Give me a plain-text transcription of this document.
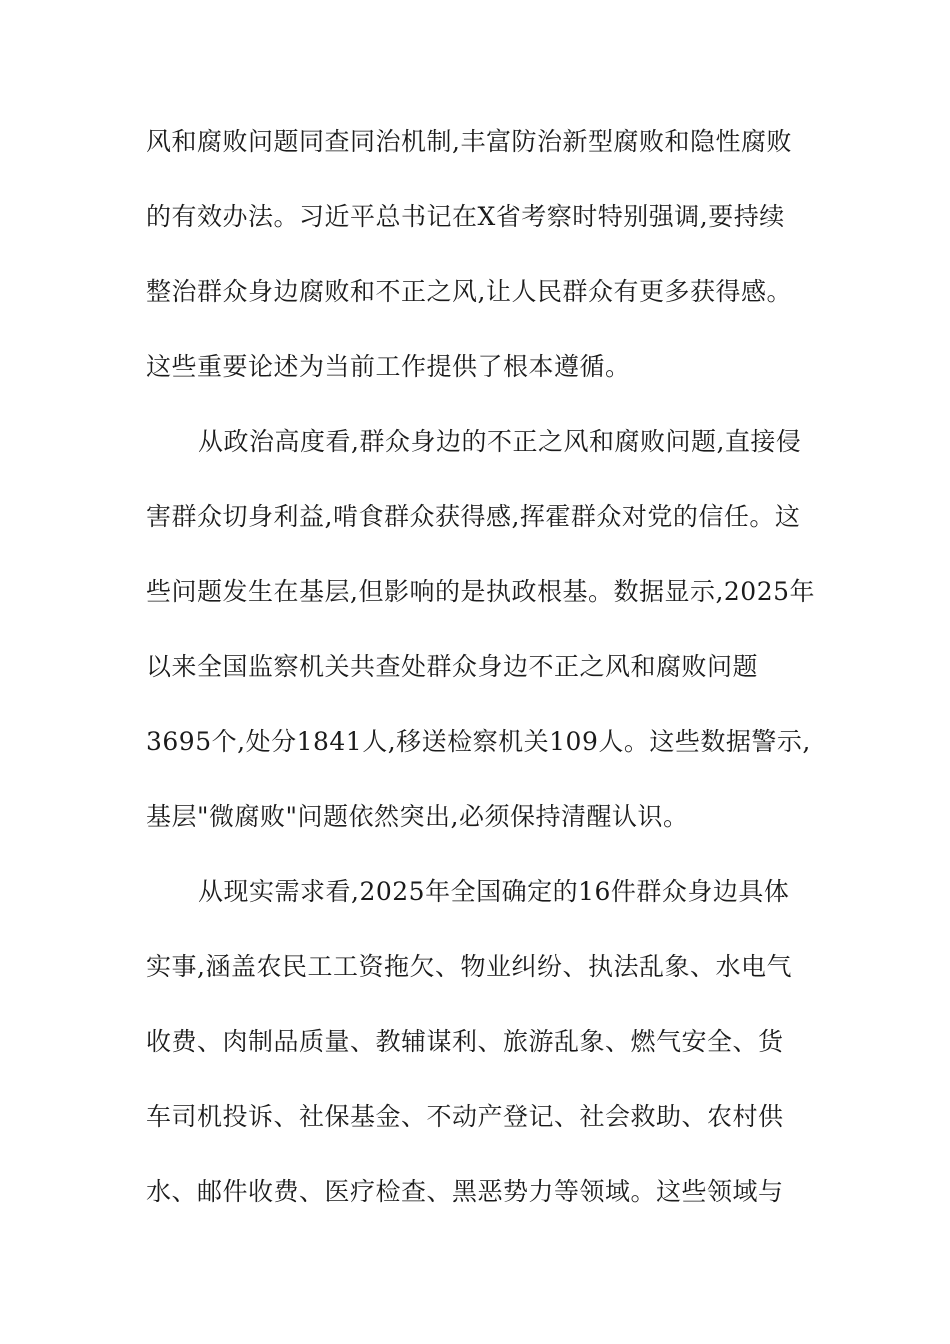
风和腐败问题同查同治机制,丰富防治新型腐败和隐性腐败
的有效办法。习近平总书记在X省考察时特别强调,要持续
整治群众身边腐败和不正之风,让人民群众有更多获得感。
这些重要论述为当前工作提供了根本遵循。
从政治高度看,群众身边的不正之风和腐败问题,直接侵
害群众切身利益,啃食群众获得感,挥霍群众对党的信任。这
些问题发生在基层,但影响的是执政根基。数据显示,2025年
以来全国监察机关共查处群众身边不正之风和腐败问题
3695个,处分1841人,移送检察机关109人。这些数据警示,
基层"微腐败"问题依然突出,必须保持清醒认识。
从现实需求看,2025年全国确定的16件群众身边具体
实事,涵盖农民工工资拖欠、物业纠纷、执法乱象、水电气
收费、肉制品质量、教辅谋利、旅游乱象、燃气安全、货
车司机投诉、社保基金、不动产登记、社会救助、农村供
水、邮件收费、医疗检查、黑恶势力等领域。这些领域与
